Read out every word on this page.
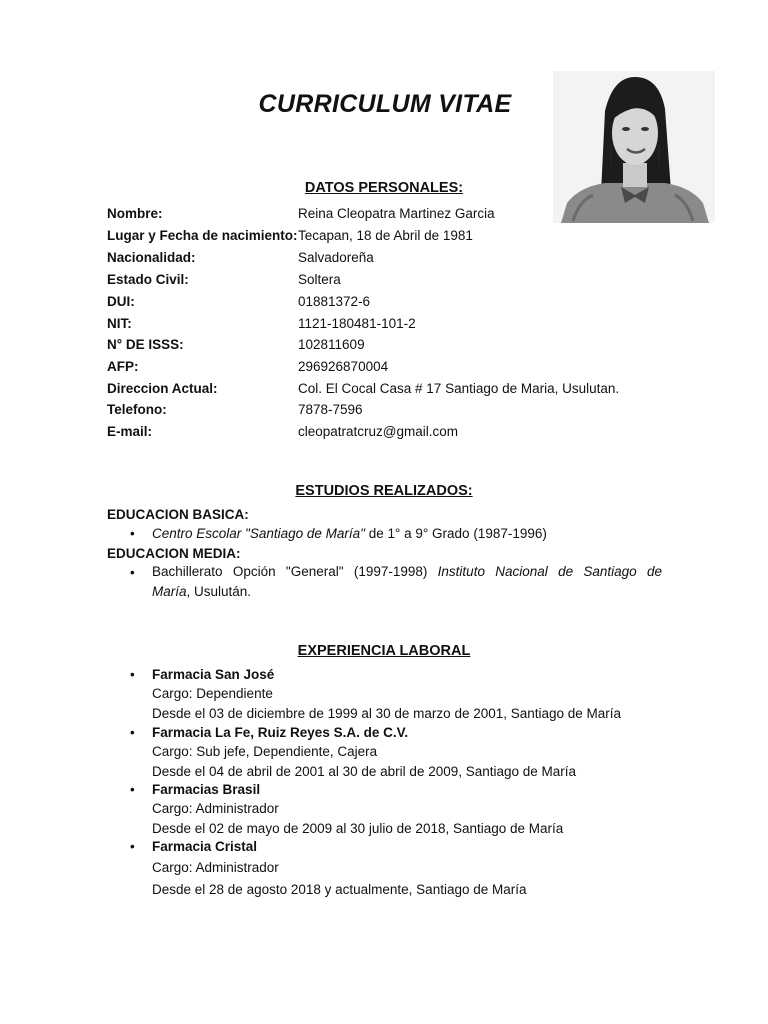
CURRICULUM VITAE
DATOS PERSONALES:
Nombre:	Reina Cleopatra Martinez Garcia
Lugar y Fecha de nacimiento: Tecapan, 18 de Abril de 1981
Nacionalidad:	Salvadoreña
Estado Civil:	Soltera
DUI:	01881372-6
NIT:	1121-180481-101-2
N° DE ISSS:	102811609
AFP:	296926870004
Direccion Actual:	Col. El Cocal Casa # 17 Santiago de Maria, Usulutan.
Telefono:	7878-7596
E-mail:	cleopatratcruz@gmail.com
ESTUDIOS REALIZADOS:
EDUCACION BASICA:
• Centro Escolar "Santiago de María" de 1° a 9° Grado (1987-1996)
EDUCACION MEDIA:
• Bachillerato Opción "General" (1997-1998) Instituto Nacional de Santiago de
María, Usulután.
EXPERIENCIA LABORAL
• Farmacia San José
Cargo: Dependiente
Desde el 03 de diciembre de 1999 al 30 de marzo de 2001, Santiago de María
• Farmacia La Fe, Ruiz Reyes S.A. de C.V.
Cargo: Sub jefe, Dependiente, Cajera
Desde el 04 de abril de 2001 al 30 de abril de 2009, Santiago de María
• Farmacias Brasil
Cargo: Administrador
Desde el 02 de mayo de 2009 al 30 julio de 2018, Santiago de María
• Farmacia Cristal
Cargo: Administrador
Desde el 28 de agosto 2018 y actualmente, Santiago de María
